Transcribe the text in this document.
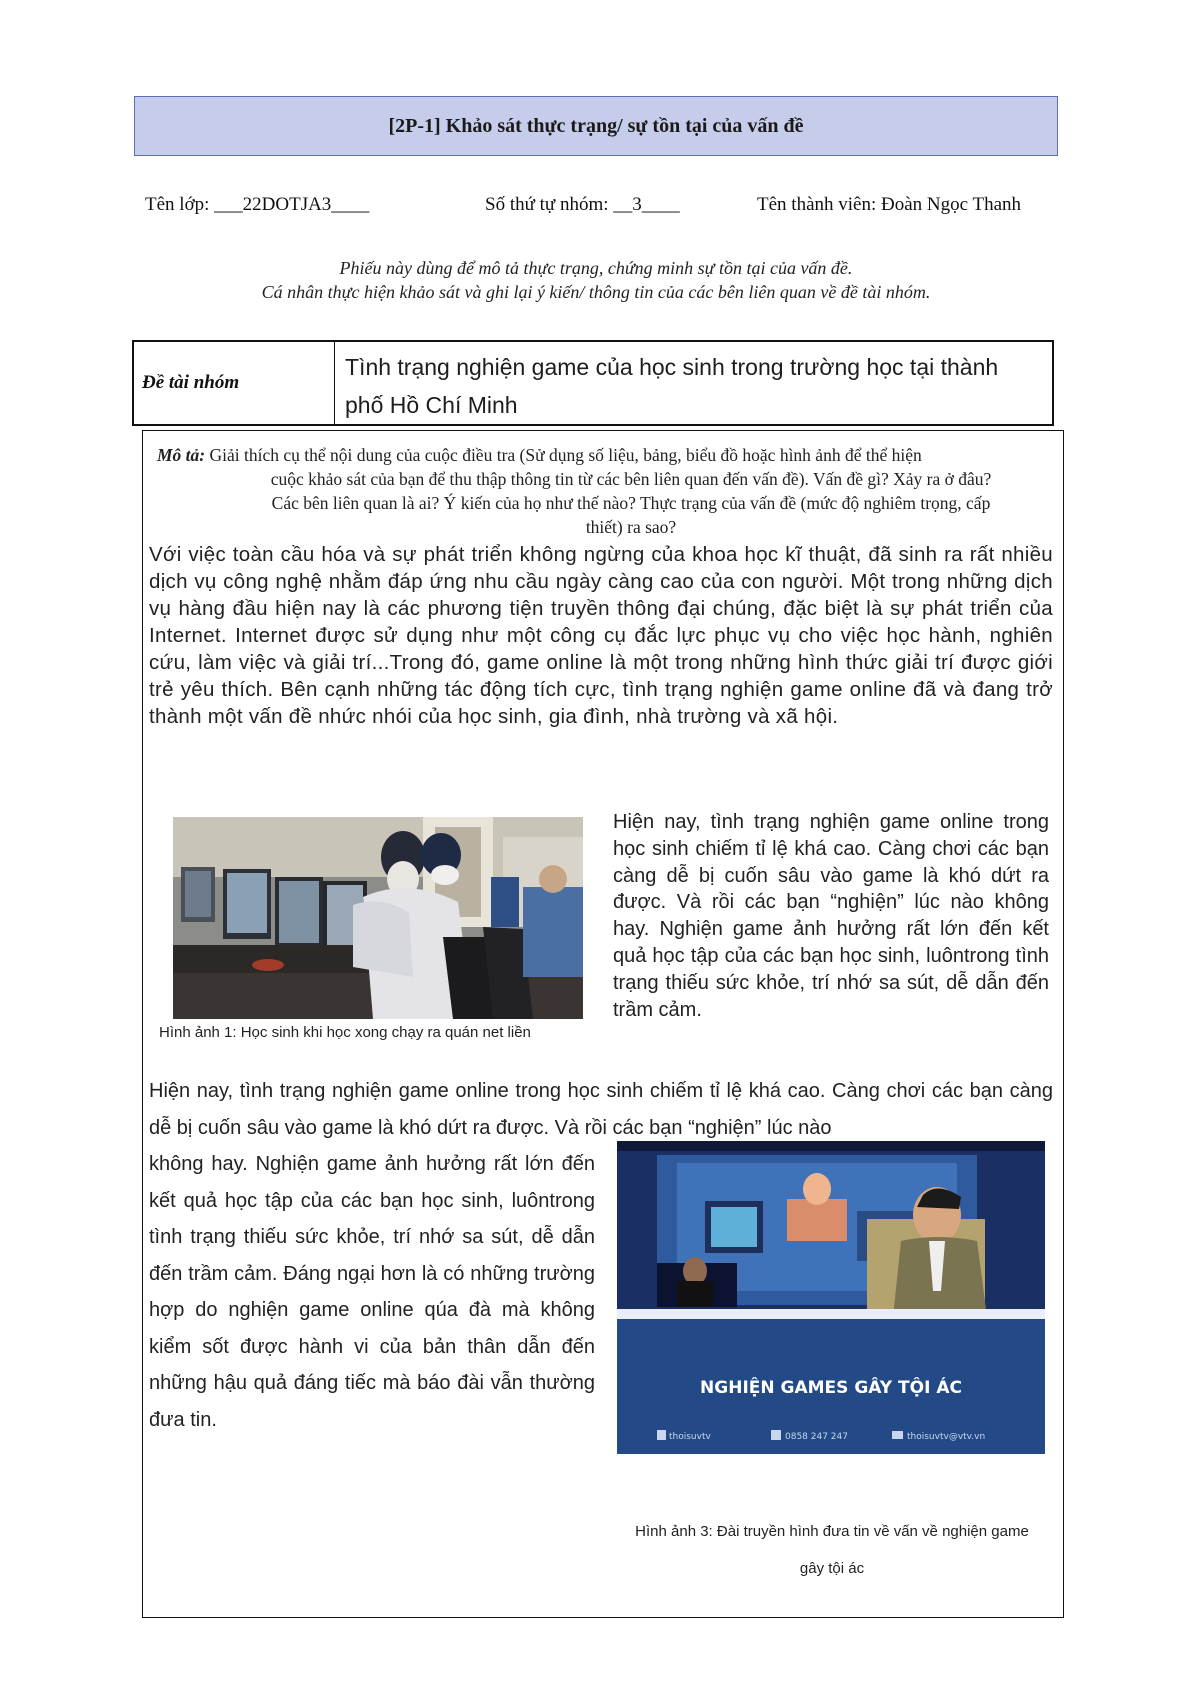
[2P-1] Khảo sát thực trạng/ sự tồn tại của vấn đề
Tên lớp: ___22DOTJA3____	Số thứ tự nhóm: __3____	Tên thành viên: Đoàn Ngọc Thanh
Phiếu này dùng để mô tả thực trạng, chứng minh sự tồn tại của vấn đề.
Cá nhân thực hiện khảo sát và ghi lại ý kiến/ thông tin của các bên liên quan về đề tài nhóm.
Đề tài nhóm
Tình trạng nghiện game của học sinh trong trường học tại thành phố Hồ Chí Minh
Mô tả: Giải thích cụ thể nội dung của cuộc điều tra (Sử dụng số liệu, bảng, biểu đồ hoặc hình ảnh để thể hiện
cuộc khảo sát của bạn để thu thập thông tin từ các bên liên quan đến vấn đề). Vấn đề gì? Xảy ra ở đâu?
Các bên liên quan là ai? Ý kiến của họ như thế nào? Thực trạng của vấn đề (mức độ nghiêm trọng, cấp
thiết) ra sao?
Với việc toàn cầu hóa và sự phát triển không ngừng của khoa học kĩ thuật, đã sinh ra rất nhiều dịch vụ công nghệ nhằm đáp ứng nhu cầu ngày càng cao của con người. Một trong những dịch vụ hàng đầu hiện nay là các phương tiện truyền thông đại chúng, đặc biệt là sự phát triển của Internet. Internet được sử dụng như một công cụ đắc lực phục vụ cho việc học hành, nghiên cứu, làm việc và giải trí...Trong đó, game online là một trong những hình thức giải trí được giới trẻ yêu thích. Bên cạnh những tác động tích cực, tình trạng nghiện game online đã và đang trở thành một vấn đề nhức nhói của học sinh, gia đình, nhà trường và xã hội.
Hình ảnh 1: Học sinh khi học xong chạy ra quán net liền
Hiện nay, tình trạng nghiện game online trong học sinh chiếm tỉ lệ khá cao. Càng chơi các bạn càng dễ bị cuốn sâu vào game là khó dứt ra được. Và rồi các bạn “nghiện” lúc nào không hay. Nghiện game ảnh hưởng rất lớn đến kết quả học tập của các bạn học sinh, luôntrong tình trạng thiếu sức khỏe, trí nhớ sa sút, dễ dẫn đến trầm cảm.
Hiện nay, tình trạng nghiện game online trong học sinh chiếm tỉ lệ khá cao. Càng chơi các bạn càng dễ bị cuốn sâu vào game là khó dứt ra được. Và rồi các bạn “nghiện” lúc nào
không hay. Nghiện game ảnh hưởng rất lớn đến kết quả học tập của các bạn học sinh, luôntrong tình trạng thiếu sức khỏe, trí nhớ sa sút, dễ dẫn đến trầm cảm. Đáng ngại hơn là có những trường hợp do nghiện game online qúa đà mà không kiểm sốt được hành vi của bản thân dẫn đến những hậu quả đáng tiếc mà báo đài vẫn thường đưa tin.
NGHIỆN GAMES GÂY TỘI ÁC
thoisuvtv	0858 247 247	thoisuvtv@vtv.vn
Hình ảnh 3: Đài truyền hình đưa tin về vấn về nghiện game
gây tội ác
